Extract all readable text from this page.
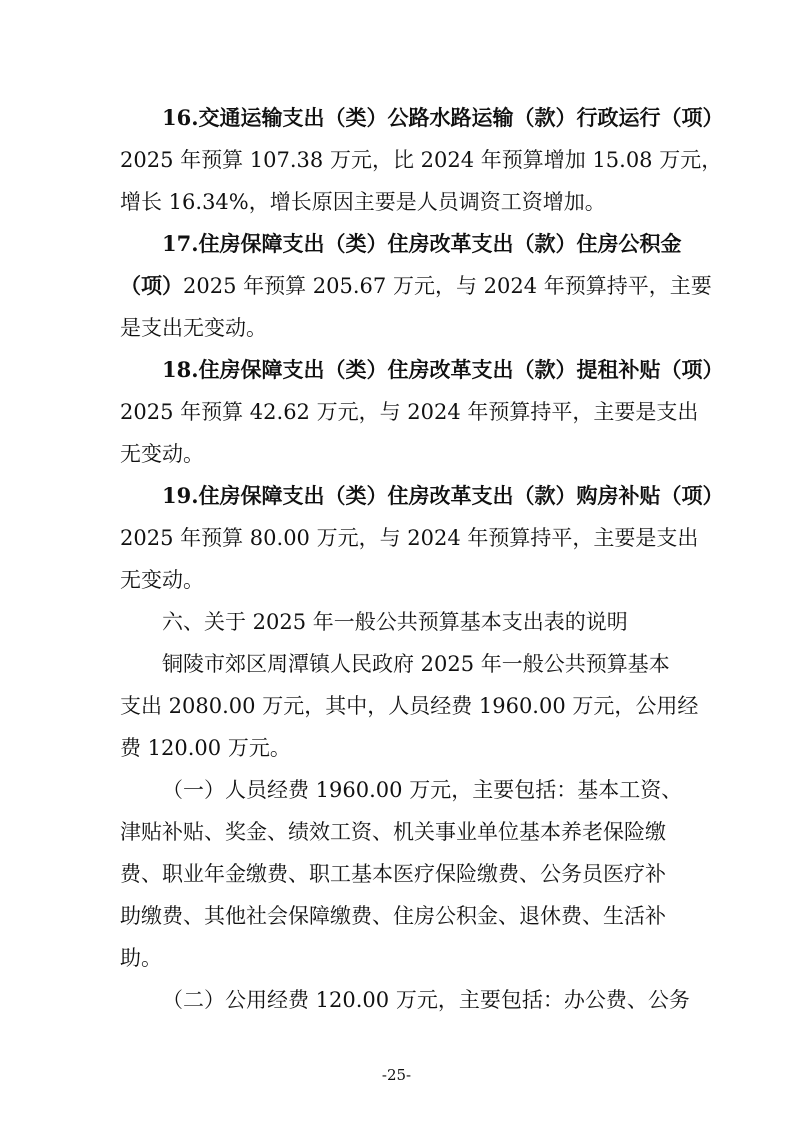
16.交通运输支出（类）公路水路运输（款）行政运行（项）
2025 年预算 107.38 万元，比 2024 年预算增加 15.08 万元，
增长 16.34%，增长原因主要是人员调资工资增加。
17.住房保障支出（类）住房改革支出（款）住房公积金
（项）2025 年预算 205.67 万元，与 2024 年预算持平，主要
是支出无变动。
18.住房保障支出（类）住房改革支出（款）提租补贴（项）
2025 年预算 42.62 万元，与 2024 年预算持平，主要是支出
无变动。
19.住房保障支出（类）住房改革支出（款）购房补贴（项）
2025 年预算 80.00 万元，与 2024 年预算持平，主要是支出
无变动。
六、关于 2025 年一般公共预算基本支出表的说明
铜陵市郊区周潭镇人民政府 2025 年一般公共预算基本
支出 2080.00 万元，其中，人员经费 1960.00 万元，公用经
费 120.00 万元。
（一）人员经费 1960.00 万元，主要包括：基本工资、
津贴补贴、奖金、绩效工资、机关事业单位基本养老保险缴
费、职业年金缴费、职工基本医疗保险缴费、公务员医疗补
助缴费、其他社会保障缴费、住房公积金、退休费、生活补
助。
（二）公用经费 120.00 万元，主要包括：办公费、公务
-25-
